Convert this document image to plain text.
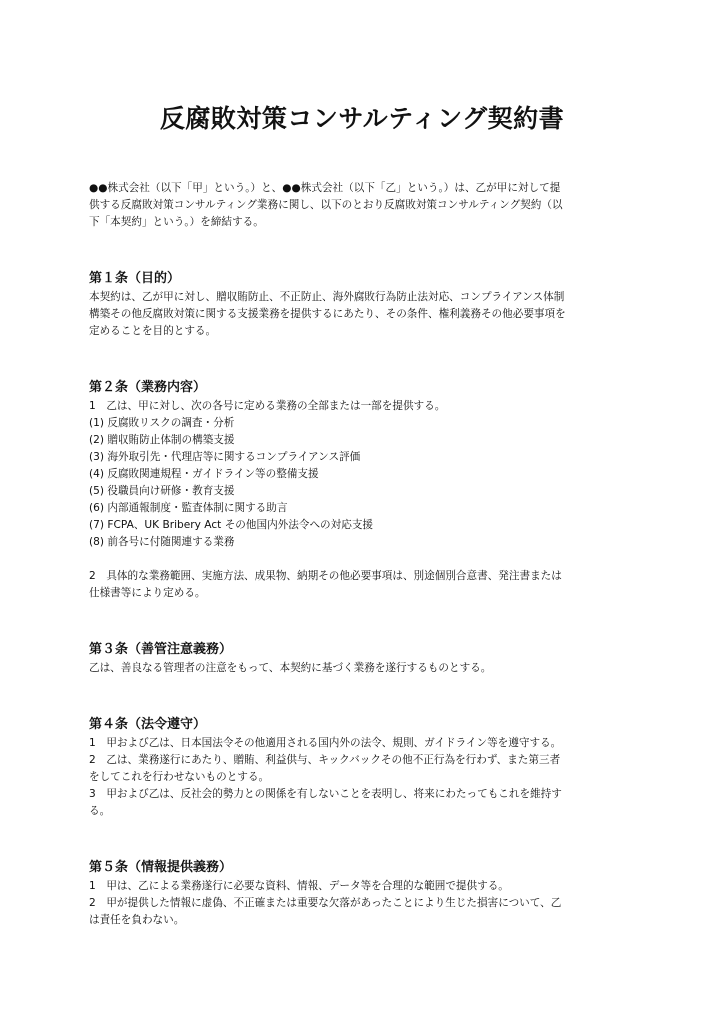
反腐敗対策コンサルティング契約書

●●株式会社（以下「甲」という。）と、●●株式会社（以下「乙」という。）は、乙が甲に対して提
供する反腐敗対策コンサルティング業務に関し、以下のとおり反腐敗対策コンサルティング契約（以
下「本契約」という。）を締結する。

第１条（目的）

本契約は、乙が甲に対し、贈収賄防止、不正防止、海外腐敗行為防止法対応、コンプライアンス体制
構築その他反腐敗対策に関する支援業務を提供するにあたり、その条件、権利義務その他必要事項を
定めることを目的とする。

第２条（業務内容）

1　乙は、甲に対し、次の各号に定める業務の全部または一部を提供する。

(1) 反腐敗リスクの調査・分析
(2) 贈収賄防止体制の構築支援
(3) 海外取引先・代理店等に関するコンプライアンス評価
(4) 反腐敗関連規程・ガイドライン等の整備支援
(5) 役職員向け研修・教育支援
(6) 内部通報制度・監査体制に関する助言
(7) FCPA、UK Bribery Act その他国内外法令への対応支援
(8) 前各号に付随関連する業務

2　具体的な業務範囲、実施方法、成果物、納期その他必要事項は、別途個別合意書、発注書または
仕様書等により定める。

第３条（善管注意義務）

乙は、善良なる管理者の注意をもって、本契約に基づく業務を遂行するものとする。

第４条（法令遵守）

1　甲および乙は、日本国法令その他適用される国内外の法令、規則、ガイドライン等を遵守する。

2　乙は、業務遂行にあたり、贈賄、利益供与、キックバックその他不正行為を行わず、また第三者
をしてこれを行わせないものとする。

3　甲および乙は、反社会的勢力との関係を有しないことを表明し、将来にわたってもこれを維持す
る。

第５条（情報提供義務）

1　甲は、乙による業務遂行に必要な資料、情報、データ等を合理的な範囲で提供する。

2　甲が提供した情報に虚偽、不正確または重要な欠落があったことにより生じた損害について、乙
は責任を負わない。
